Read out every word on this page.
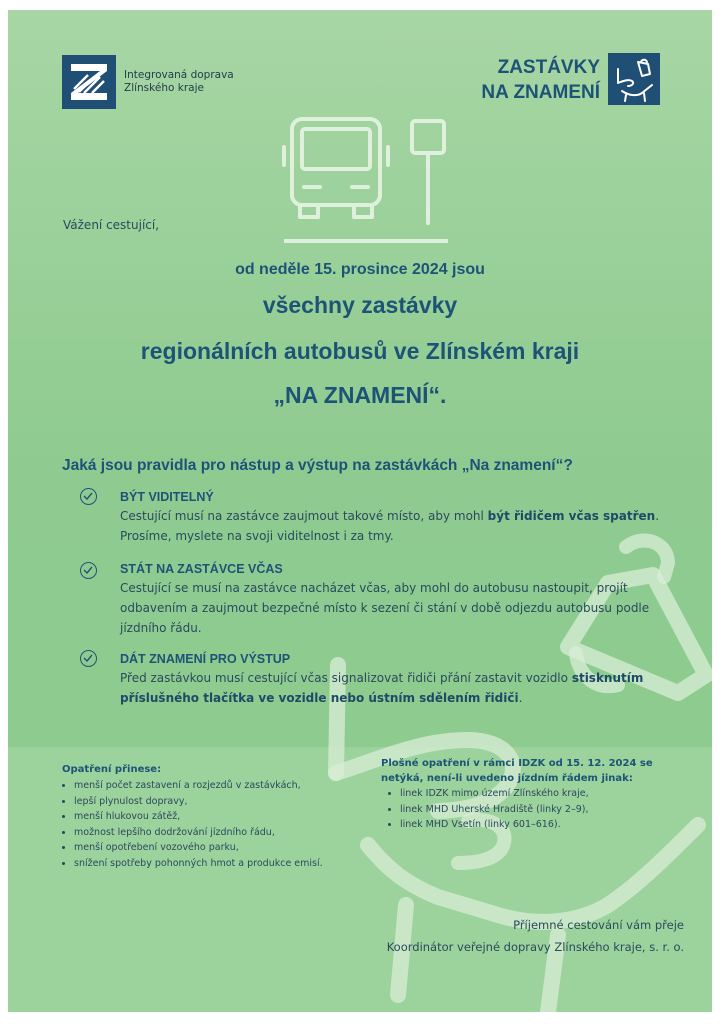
Integrovaná doprava
Zlínského kraje
ZASTÁVKY
NA ZNAMENÍ
Vážení cestující,
od neděle 15. prosince 2024 jsou
všechny zastávky
regionálních autobusů ve Zlínském kraji
„NA ZNAMENÍ“.
Jaká jsou pravidla pro nástup a výstup na zastávkách „Na znamení“?
BÝT VIDITELNÝ
Cestující musí na zastávce zaujmout takové místo, aby mohl být řidičem včas spatřen. Prosíme, myslete na svoji viditelnost i za tmy.
STÁT NA ZASTÁVCE VČAS
Cestující se musí na zastávce nacházet včas, aby mohl do autobusu nastoupit, projít odbavením a zaujmout bezpečné místo k sezení či stání v době odjezdu autobusu podle jízdního řádu.
DÁT ZNAMENÍ PRO VÝSTUP
Před zastávkou musí cestující včas signalizovat řidiči přání zastavit vozidlo stisknutím příslušného tlačítka ve vozidle nebo ústním sdělením řidiči.
Opatření přinese:
• menší počet zastavení a rozjezdů v zastávkách,
• lepší plynulost dopravy,
• menší hlukovou zátěž,
• možnost lepšího dodržování jízdního řádu,
• menší opotřebení vozového parku,
• snížení spotřeby pohonných hmot a produkce emisí.
Plošné opatření v rámci IDZK od 15. 12. 2024 se netýká, není-li uvedeno jízdním řádem jinak:
• linek IDZK mimo území Zlínského kraje,
• linek MHD Uherské Hradiště (linky 2–9),
• linek MHD Vsetín (linky 601–616).
Příjemné cestování vám přeje
Koordinátor veřejné dopravy Zlínského kraje, s. r. o.
